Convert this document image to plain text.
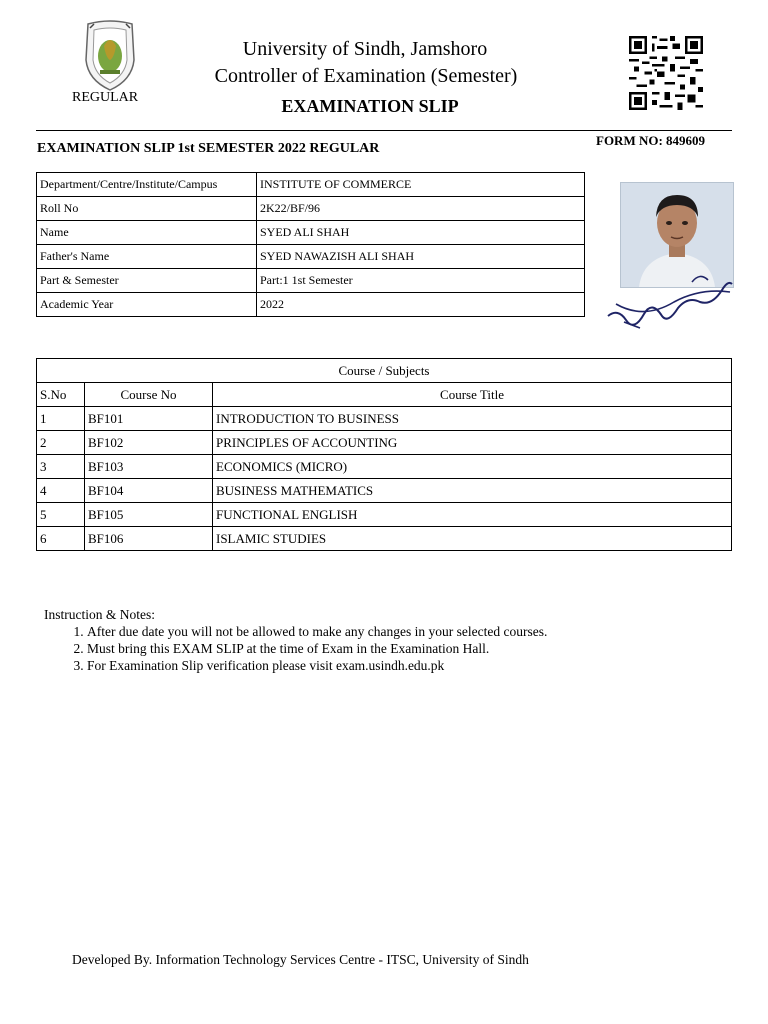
REGULAR
University of Sindh, Jamshoro
Controller of Examination (Semester)
EXAMINATION SLIP
FORM NO: 849609
EXAMINATION SLIP 1st SEMESTER 2022 REGULAR
Department/Centre/Institute/Campus	INSTITUTE OF COMMERCE
Roll No	2K22/BF/96
Name	SYED ALI SHAH
Father's Name	SYED NAWAZISH ALI SHAH
Part & Semester	Part:1 1st Semester
Academic Year	2022
Course / Subjects		
S.No	Course No	Course Title
1	BF101	INTRODUCTION TO BUSINESS
2	BF102	PRINCIPLES OF ACCOUNTING
3	BF103	ECONOMICS (MICRO)
4	BF104	BUSINESS MATHEMATICS
5	BF105	FUNCTIONAL ENGLISH
6	BF106	ISLAMIC STUDIES
Instruction & Notes:
1. After due date you will not be allowed to make any changes in your selected courses.
2. Must bring this EXAM SLIP at the time of Exam in the Examination Hall.
3. For Examination Slip verification please visit exam.usindh.edu.pk
Developed By. Information Technology Services Centre - ITSC, University of Sindh
